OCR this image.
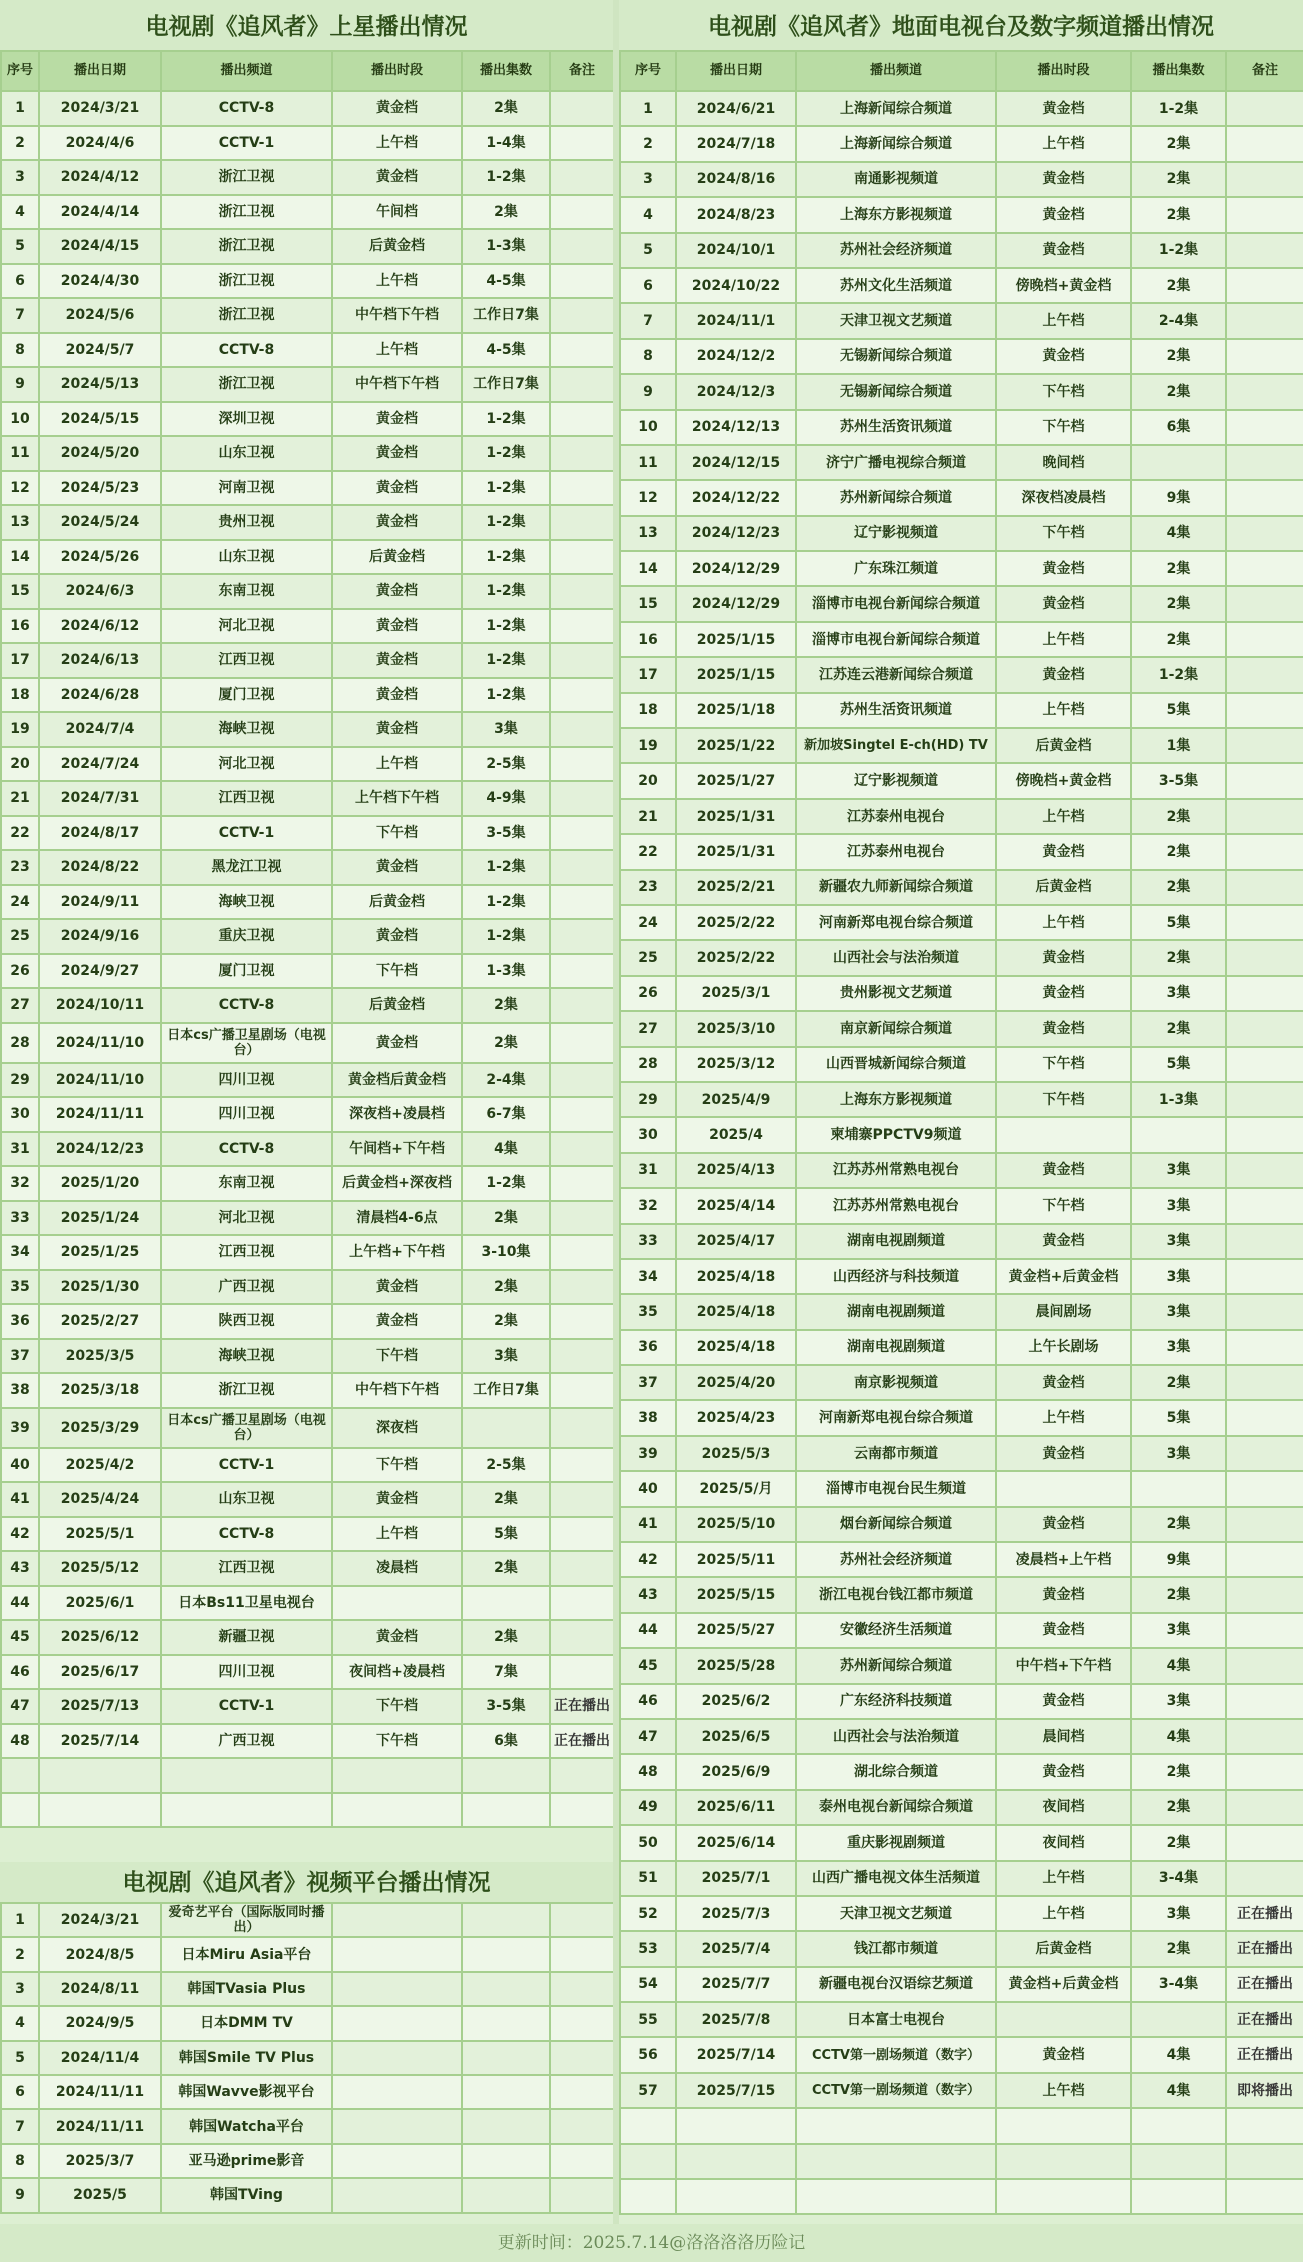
电视剧《追风者》上星播出情况
序号	播出日期	播出频道	播出时段	播出集数	备注
1	2024/3/21	CCTV-8	黄金档	2集	
2	2024/4/6	CCTV-1	上午档	1-4集	
3	2024/4/12	浙江卫视	黄金档	1-2集	
4	2024/4/14	浙江卫视	午间档	2集	
5	2024/4/15	浙江卫视	后黄金档	1-3集	
6	2024/4/30	浙江卫视	上午档	4-5集	
7	2024/5/6	浙江卫视	中午档下午档	工作日7集	
8	2024/5/7	CCTV-8	上午档	4-5集	
9	2024/5/13	浙江卫视	中午档下午档	工作日7集	
10	2024/5/15	深圳卫视	黄金档	1-2集	
11	2024/5/20	山东卫视	黄金档	1-2集	
12	2024/5/23	河南卫视	黄金档	1-2集	
13	2024/5/24	贵州卫视	黄金档	1-2集	
14	2024/5/26	山东卫视	后黄金档	1-2集	
15	2024/6/3	东南卫视	黄金档	1-2集	
16	2024/6/12	河北卫视	黄金档	1-2集	
17	2024/6/13	江西卫视	黄金档	1-2集	
18	2024/6/28	厦门卫视	黄金档	1-2集	
19	2024/7/4	海峡卫视	黄金档	3集	
20	2024/7/24	河北卫视	上午档	2-5集	
21	2024/7/31	江西卫视	上午档下午档	4-9集	
22	2024/8/17	CCTV-1	下午档	3-5集	
23	2024/8/22	黑龙江卫视	黄金档	1-2集	
24	2024/9/11	海峡卫视	后黄金档	1-2集	
25	2024/9/16	重庆卫视	黄金档	1-2集	
26	2024/9/27	厦门卫视	下午档	1-3集	
27	2024/10/11	CCTV-8	后黄金档	2集	
28	2024/11/10	日本cs广播卫星剧场（电视台）	黄金档	2集	
29	2024/11/10	四川卫视	黄金档后黄金档	2-4集	
30	2024/11/11	四川卫视	深夜档+凌晨档	6-7集	
31	2024/12/23	CCTV-8	午间档+下午档	4集	
32	2025/1/20	东南卫视	后黄金档+深夜档	1-2集	
33	2025/1/24	河北卫视	清晨档4-6点	2集	
34	2025/1/25	江西卫视	上午档+下午档	3-10集	
35	2025/1/30	广西卫视	黄金档	2集	
36	2025/2/27	陕西卫视	黄金档	2集	
37	2025/3/5	海峡卫视	下午档	3集	
38	2025/3/18	浙江卫视	中午档下午档	工作日7集	
39	2025/3/29	日本cs广播卫星剧场（电视台）	深夜档		
40	2025/4/2	CCTV-1	下午档	2-5集	
41	2025/4/24	山东卫视	黄金档	2集	
42	2025/5/1	CCTV-8	上午档	5集	
43	2025/5/12	江西卫视	凌晨档	2集	
44	2025/6/1	日本Bs11卫星电视台			
45	2025/6/12	新疆卫视	黄金档	2集	
46	2025/6/17	四川卫视	夜间档+凌晨档	7集	
47	2025/7/13	CCTV-1	下午档	3-5集	正在播出
48	2025/7/14	广西卫视	下午档	6集	正在播出

电视剧《追风者》视频平台播出情况
1	2024/3/21	爱奇艺平台（国际版同时播出）			
2	2024/8/5	日本Miru Asia平台			
3	2024/8/11	韩国TVasia Plus			
4	2024/9/5	日本DMM TV			
5	2024/11/4	韩国Smile TV Plus			
6	2024/11/11	韩国Wavve影视平台			
7	2024/11/11	韩国Watcha平台			
8	2025/3/7	亚马逊prime影音			
9	2025/5	韩国TVing			
电视剧《追风者》地面电视台及数字频道播出情况
序号	播出日期	播出频道	播出时段	播出集数	备注
1	2024/6/21	上海新闻综合频道	黄金档	1-2集	
2	2024/7/18	上海新闻综合频道	上午档	2集	
3	2024/8/16	南通影视频道	黄金档	2集	
4	2024/8/23	上海东方影视频道	黄金档	2集	
5	2024/10/1	苏州社会经济频道	黄金档	1-2集	
6	2024/10/22	苏州文化生活频道	傍晚档+黄金档	2集	
7	2024/11/1	天津卫视文艺频道	上午档	2-4集	
8	2024/12/2	无锡新闻综合频道	黄金档	2集	
9	2024/12/3	无锡新闻综合频道	下午档	2集	
10	2024/12/13	苏州生活资讯频道	下午档	6集	
11	2024/12/15	济宁广播电视综合频道	晚间档		
12	2024/12/22	苏州新闻综合频道	深夜档凌晨档	9集	
13	2024/12/23	辽宁影视频道	下午档	4集	
14	2024/12/29	广东珠江频道	黄金档	2集	
15	2024/12/29	淄博市电视台新闻综合频道	黄金档	2集	
16	2025/1/15	淄博市电视台新闻综合频道	上午档	2集	
17	2025/1/15	江苏连云港新闻综合频道	黄金档	1-2集	
18	2025/1/18	苏州生活资讯频道	上午档	5集	
19	2025/1/22	新加坡Singtel E-ch(HD) TV	后黄金档	1集	
20	2025/1/27	辽宁影视频道	傍晚档+黄金档	3-5集	
21	2025/1/31	江苏泰州电视台	上午档	2集	
22	2025/1/31	江苏泰州电视台	黄金档	2集	
23	2025/2/21	新疆农九师新闻综合频道	后黄金档	2集	
24	2025/2/22	河南新郑电视台综合频道	上午档	5集	
25	2025/2/22	山西社会与法治频道	黄金档	2集	
26	2025/3/1	贵州影视文艺频道	黄金档	3集	
27	2025/3/10	南京新闻综合频道	黄金档	2集	
28	2025/3/12	山西晋城新闻综合频道	下午档	5集	
29	2025/4/9	上海东方影视频道	下午档	1-3集	
30	2025/4	柬埔寨PPCTV9频道			
31	2025/4/13	江苏苏州常熟电视台	黄金档	3集	
32	2025/4/14	江苏苏州常熟电视台	下午档	3集	
33	2025/4/17	湖南电视剧频道	黄金档	3集	
34	2025/4/18	山西经济与科技频道	黄金档+后黄金档	3集	
35	2025/4/18	湖南电视剧频道	晨间剧场	3集	
36	2025/4/18	湖南电视剧频道	上午长剧场	3集	
37	2025/4/20	南京影视频道	黄金档	2集	
38	2025/4/23	河南新郑电视台综合频道	上午档	5集	
39	2025/5/3	云南都市频道	黄金档	3集	
40	2025/5/月	淄博市电视台民生频道			
41	2025/5/10	烟台新闻综合频道	黄金档	2集	
42	2025/5/11	苏州社会经济频道	凌晨档+上午档	9集	
43	2025/5/15	浙江电视台钱江都市频道	黄金档	2集	
44	2025/5/27	安徽经济生活频道	黄金档	3集	
45	2025/5/28	苏州新闻综合频道	中午档+下午档	4集	
46	2025/6/2	广东经济科技频道	黄金档	3集	
47	2025/6/5	山西社会与法治频道	晨间档	4集	
48	2025/6/9	湖北综合频道	黄金档	2集	
49	2025/6/11	泰州电视台新闻综合频道	夜间档	2集	
50	2025/6/14	重庆影视剧频道	夜间档	2集	
51	2025/7/1	山西广播电视文体生活频道	上午档	3-4集	
52	2025/7/3	天津卫视文艺频道	上午档	3集	正在播出
53	2025/7/4	钱江都市频道	后黄金档	2集	正在播出
54	2025/7/7	新疆电视台汉语综艺频道	黄金档+后黄金档	3-4集	正在播出
55	2025/7/8	日本富士电视台			正在播出
56	2025/7/14	CCTV第一剧场频道（数字）	黄金档	4集	正在播出
57	2025/7/15	CCTV第一剧场频道（数字）	上午档	4集	即将播出

更新时间：2025.7.14@洛洛洛洛历险记
